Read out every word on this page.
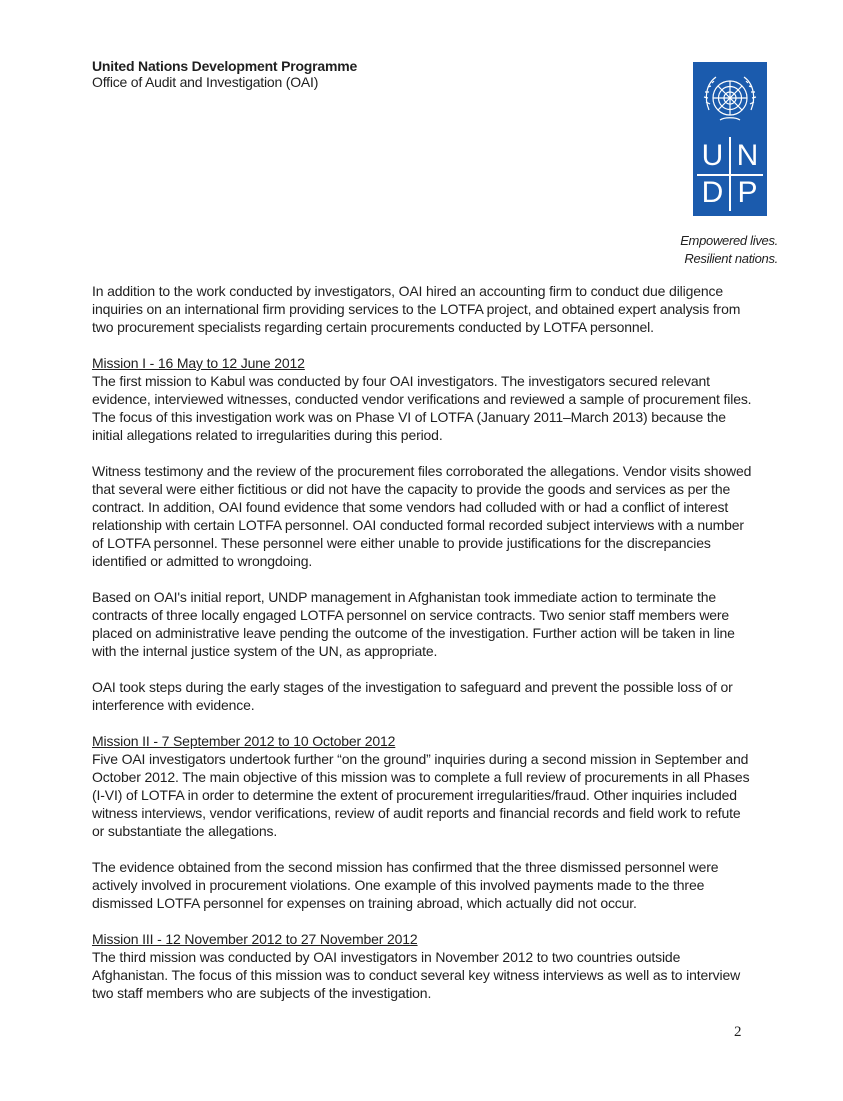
United Nations Development Programme
Office of Audit and Investigation (OAI)
U N
D P
Empowered lives.
Resilient nations.

In addition to the work conducted by investigators, OAI hired an accounting firm to conduct due diligence inquiries on an international firm providing services to the LOTFA project, and obtained expert analysis from two procurement specialists regarding certain procurements conducted by LOTFA personnel.

Mission I - 16 May to 12 June 2012

The first mission to Kabul was conducted by four OAI investigators. The investigators secured relevant evidence, interviewed witnesses, conducted vendor verifications and reviewed a sample of procurement files. The focus of this investigation work was on Phase VI of LOTFA (January 2011–March 2013) because the initial allegations related to irregularities during this period.

Witness testimony and the review of the procurement files corroborated the allegations. Vendor visits showed that several were either fictitious or did not have the capacity to provide the goods and services as per the contract. In addition, OAI found evidence that some vendors had colluded with or had a conflict of interest relationship with certain LOTFA personnel. OAI conducted formal recorded subject interviews with a number of LOTFA personnel. These personnel were either unable to provide justifications for the discrepancies identified or admitted to wrongdoing.

Based on OAI's initial report, UNDP management in Afghanistan took immediate action to terminate the contracts of three locally engaged LOTFA personnel on service contracts. Two senior staff members were placed on administrative leave pending the outcome of the investigation. Further action will be taken in line with the internal justice system of the UN, as appropriate.

OAI took steps during the early stages of the investigation to safeguard and prevent the possible loss of or interference with evidence.

Mission II - 7 September 2012 to 10 October 2012

Five OAI investigators undertook further “on the ground” inquiries during a second mission in September and October 2012. The main objective of this mission was to complete a full review of procurements in all Phases (I-VI) of LOTFA in order to determine the extent of procurement irregularities/fraud. Other inquiries included witness interviews, vendor verifications, review of audit reports and financial records and field work to refute or substantiate the allegations.

The evidence obtained from the second mission has confirmed that the three dismissed personnel were actively involved in procurement violations. One example of this involved payments made to the three dismissed LOTFA personnel for expenses on training abroad, which actually did not occur.

Mission III - 12 November 2012 to 27 November 2012

The third mission was conducted by OAI investigators in November 2012 to two countries outside Afghanistan. The focus of this mission was to conduct several key witness interviews as well as to interview two staff members who are subjects of the investigation.

2
